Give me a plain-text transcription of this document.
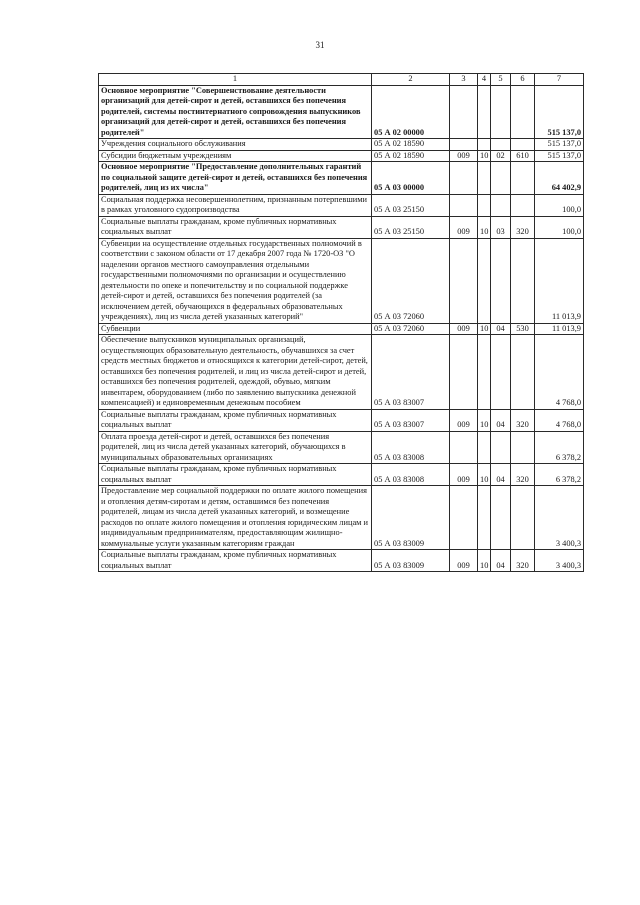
31
1	2	3	4	5	6	7
Основное мероприятие "Совершенствование деятельности организаций для детей-сирот и детей, оставшихся без попечения родителей, системы постинтернатного сопровождения выпускников организаций для детей-сирот и детей, оставшихся без попечения родителей"	05 А 02 00000					515 137,0
Учреждения социального обслуживания	05 А 02 18590					515 137,0
Субсидии бюджетным учреждениям	05 А 02 18590	009	10	02	610	515 137,0
Основное мероприятие "Предоставление дополнительных гарантий по социальной защите детей-сирот и детей, оставшихся без попечения родителей, лиц из их числа"	05 А 03 00000					64 402,9
Социальная поддержка несовершеннолетним, признанным потерпевшими в рамках уголовного судопроизводства	05 А 03 25150					100,0
Социальные выплаты гражданам, кроме публичных нормативных социальных выплат	05 А 03 25150	009	10	03	320	100,0
Субвенции на осуществление отдельных государственных полномочий в соответствии с законом области от 17 декабря 2007 года № 1720-ОЗ "О наделении органов местного самоуправления отдельными государственными полномочиями по организации и осуществлению деятельности по опеке и попечительству и по социальной поддержке детей-сирот и детей, оставшихся без попечения родителей (за исключением детей, обучающихся в федеральных образовательных учреждениях), лиц из числа детей указанных категорий"	05 А 03 72060					11 013,9
Субвенции	05 А 03 72060	009	10	04	530	11 013,9
Обеспечение выпускников муниципальных организаций, осуществляющих образовательную деятельность, обучавшихся за счет средств местных бюджетов и относящихся к категории детей-сирот, детей, оставшихся без попечения родителей, и лиц из числа детей-сирот и детей, оставшихся без попечения родителей, одеждой, обувью, мягким инвентарем, оборудованием (либо по заявлению выпускника денежной компенсацией) и единовременным денежным пособием	05 А 03 83007					4 768,0
Социальные выплаты гражданам, кроме публичных нормативных социальных выплат	05 А 03 83007	009	10	04	320	4 768,0
Оплата проезда детей-сирот и детей, оставшихся без попечения родителей, лиц из числа детей указанных категорий, обучающихся в муниципальных образовательных организациях	05 А 03 83008					6 378,2
Социальные выплаты гражданам, кроме публичных нормативных социальных выплат	05 А 03 83008	009	10	04	320	6 378,2
Предоставление мер социальной поддержки по оплате жилого помещения и отопления детям-сиротам и детям, оставшимся без попечения родителей, лицам из числа детей указанных категорий, и возмещение расходов по оплате жилого помещения и отопления юридическим лицам и индивидуальным предпринимателям, предоставляющим жилищно-коммунальные услуги указанным категориям граждан	05 А 03 83009					3 400,3
Социальные выплаты гражданам, кроме публичных нормативных социальных выплат	05 А 03 83009	009	10	04	320	3 400,3
